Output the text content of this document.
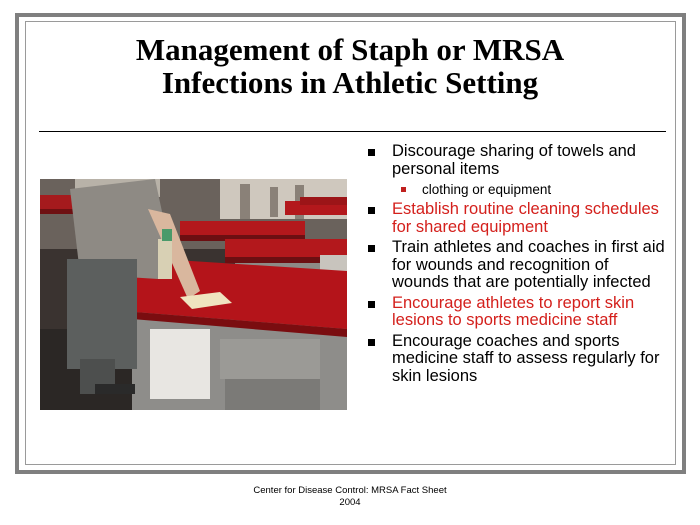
Management of Staph or MRSA
Infections in Athletic Setting
Discourage sharing of towels and personal items
clothing or equipment
Establish routine cleaning schedules for shared equipment
Train athletes and coaches in first aid for wounds and recognition of wounds that are potentially infected
Encourage athletes to report skin lesions to sports medicine staff
Encourage coaches and sports medicine staff to assess regularly for skin lesions
Center for Disease Control: MRSA Fact Sheet
2004
